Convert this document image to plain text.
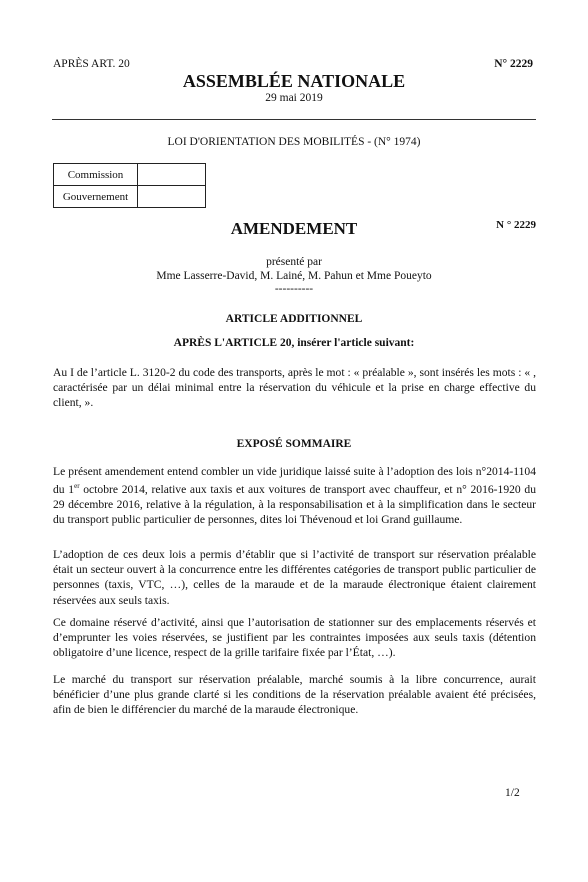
APRÈS ART. 20	N° 2229
ASSEMBLÉE NATIONALE
29 mai 2019
LOI D'ORIENTATION DES MOBILITÉS - (N° 1974)
Commission	
Gouvernement	
AMENDEMENT	N ° 2229
présenté par
Mme Lasserre-David, M. Lainé, M. Pahun et Mme Poueyto
----------
ARTICLE ADDITIONNEL
APRÈS L'ARTICLE 20, insérer l'article suivant:
Au I de l’article L. 3120-2 du code des transports, après le mot : « préalable », sont insérés les mots : « , caractérisée par un délai minimal entre la réservation du véhicule et la prise en charge effective du client, ».
EXPOSÉ SOMMAIRE
Le présent amendement entend combler un vide juridique laissé suite à l’adoption des lois n°2014-1104 du 1er octobre 2014, relative aux taxis et aux voitures de transport avec chauffeur, et n° 2016-1920 du 29 décembre 2016, relative à la régulation, à la responsabilisation et à la simplification dans le secteur du transport public particulier de personnes, dites loi Thévenoud et loi Grand guillaume.
L’adoption de ces deux lois a permis d’établir que si l’activité de transport sur réservation préalable était un secteur ouvert à la concurrence entre les différentes catégories de transport public particulier de personnes (taxis, VTC, …), celles de la maraude et de la maraude électronique étaient clairement réservées aux seuls taxis.
Ce domaine réservé d’activité, ainsi que l’autorisation de stationner sur des emplacements réservés et d’emprunter les voies réservées, se justifient par les contraintes imposées aux seuls taxis (détention obligatoire d’une licence, respect de la grille tarifaire fixée par l’État, …).
Le marché du transport sur réservation préalable, marché soumis à la libre concurrence, aurait bénéficier d’une plus grande clarté si les conditions de la réservation préalable avaient été précisées, afin de bien le différencier du marché de la maraude électronique.
1/2
